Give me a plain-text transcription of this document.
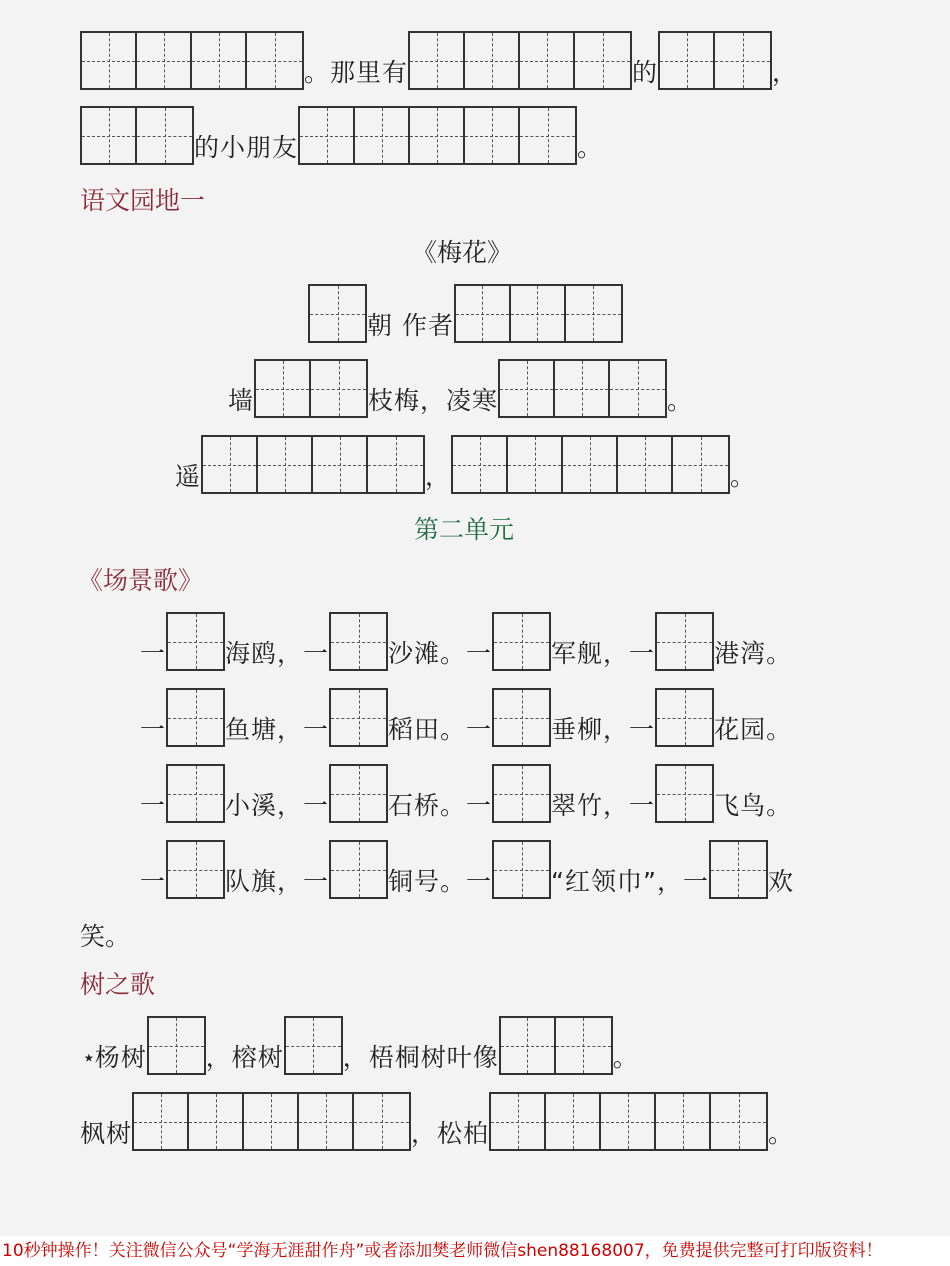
。那里有	的	，
的小朋友	。
语文园地一
《梅花》
朝 作者
墙	枝梅，凌寒	。
遥	，	。
第二单元
《场景歌》
一 海鸥，一 沙滩。一 军舰，一 港湾。
一 鱼塘，一 稻田。一 垂柳，一 花园。
一 小溪，一 石桥。一 翠竹，一 飞鸟。
一 队旗，一 铜号。一 “红领巾”，一 欢
笑。
树之歌
⭑ 杨树 ，榕树 ，梧桐树叶像	。
枫树	，松柏	。
10秒钟操作！关注微信公众号“学海无涯甜作舟”或者添加樊老师微信shen88168007，免费提供完整可打印版资料！
